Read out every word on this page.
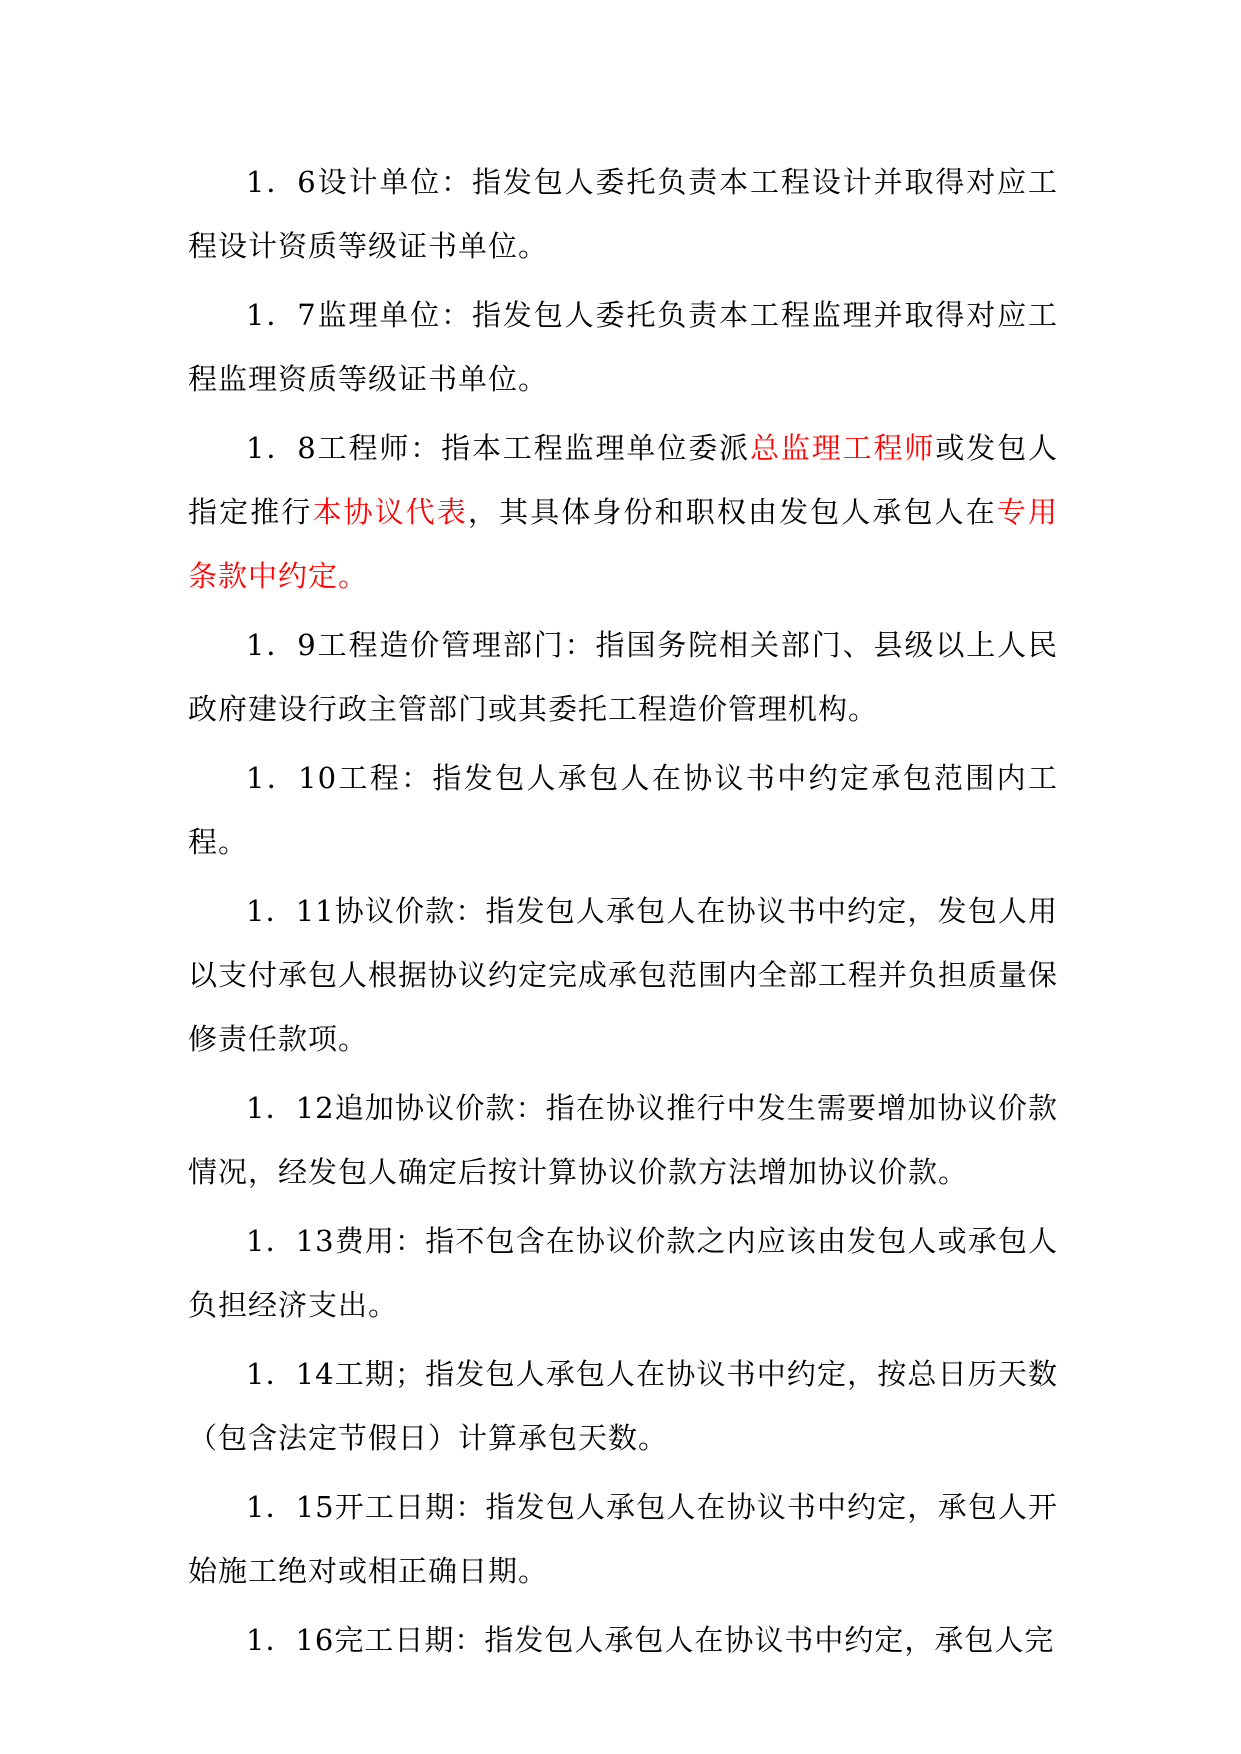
1．6设计单位：指发包人委托负责本工程设计并取得对应工程设计资质等级证书单位。

1．7监理单位：指发包人委托负责本工程监理并取得对应工程监理资质等级证书单位。

1．8工程师：指本工程监理单位委派总监理工程师或发包人指定推行本协议代表，其具体身份和职权由发包人承包人在专用条款中约定。

1．9工程造价管理部门：指国务院相关部门、县级以上人民政府建设行政主管部门或其委托工程造价管理机构。

1．10工程：指发包人承包人在协议书中约定承包范围内工程。

1．11协议价款：指发包人承包人在协议书中约定，发包人用以支付承包人根据协议约定完成承包范围内全部工程并负担质量保修责任款项。

1．12追加协议价款：指在协议推行中发生需要增加协议价款情况，经发包人确定后按计算协议价款方法增加协议价款。

1．13费用：指不包含在协议价款之内应该由发包人或承包人负担经济支出。

1．14工期；指发包人承包人在协议书中约定，按总日历天数（包含法定节假日）计算承包天数。

1．15开工日期：指发包人承包人在协议书中约定，承包人开始施工绝对或相正确日期。

1．16完工日期：指发包人承包人在协议书中约定，承包人完
